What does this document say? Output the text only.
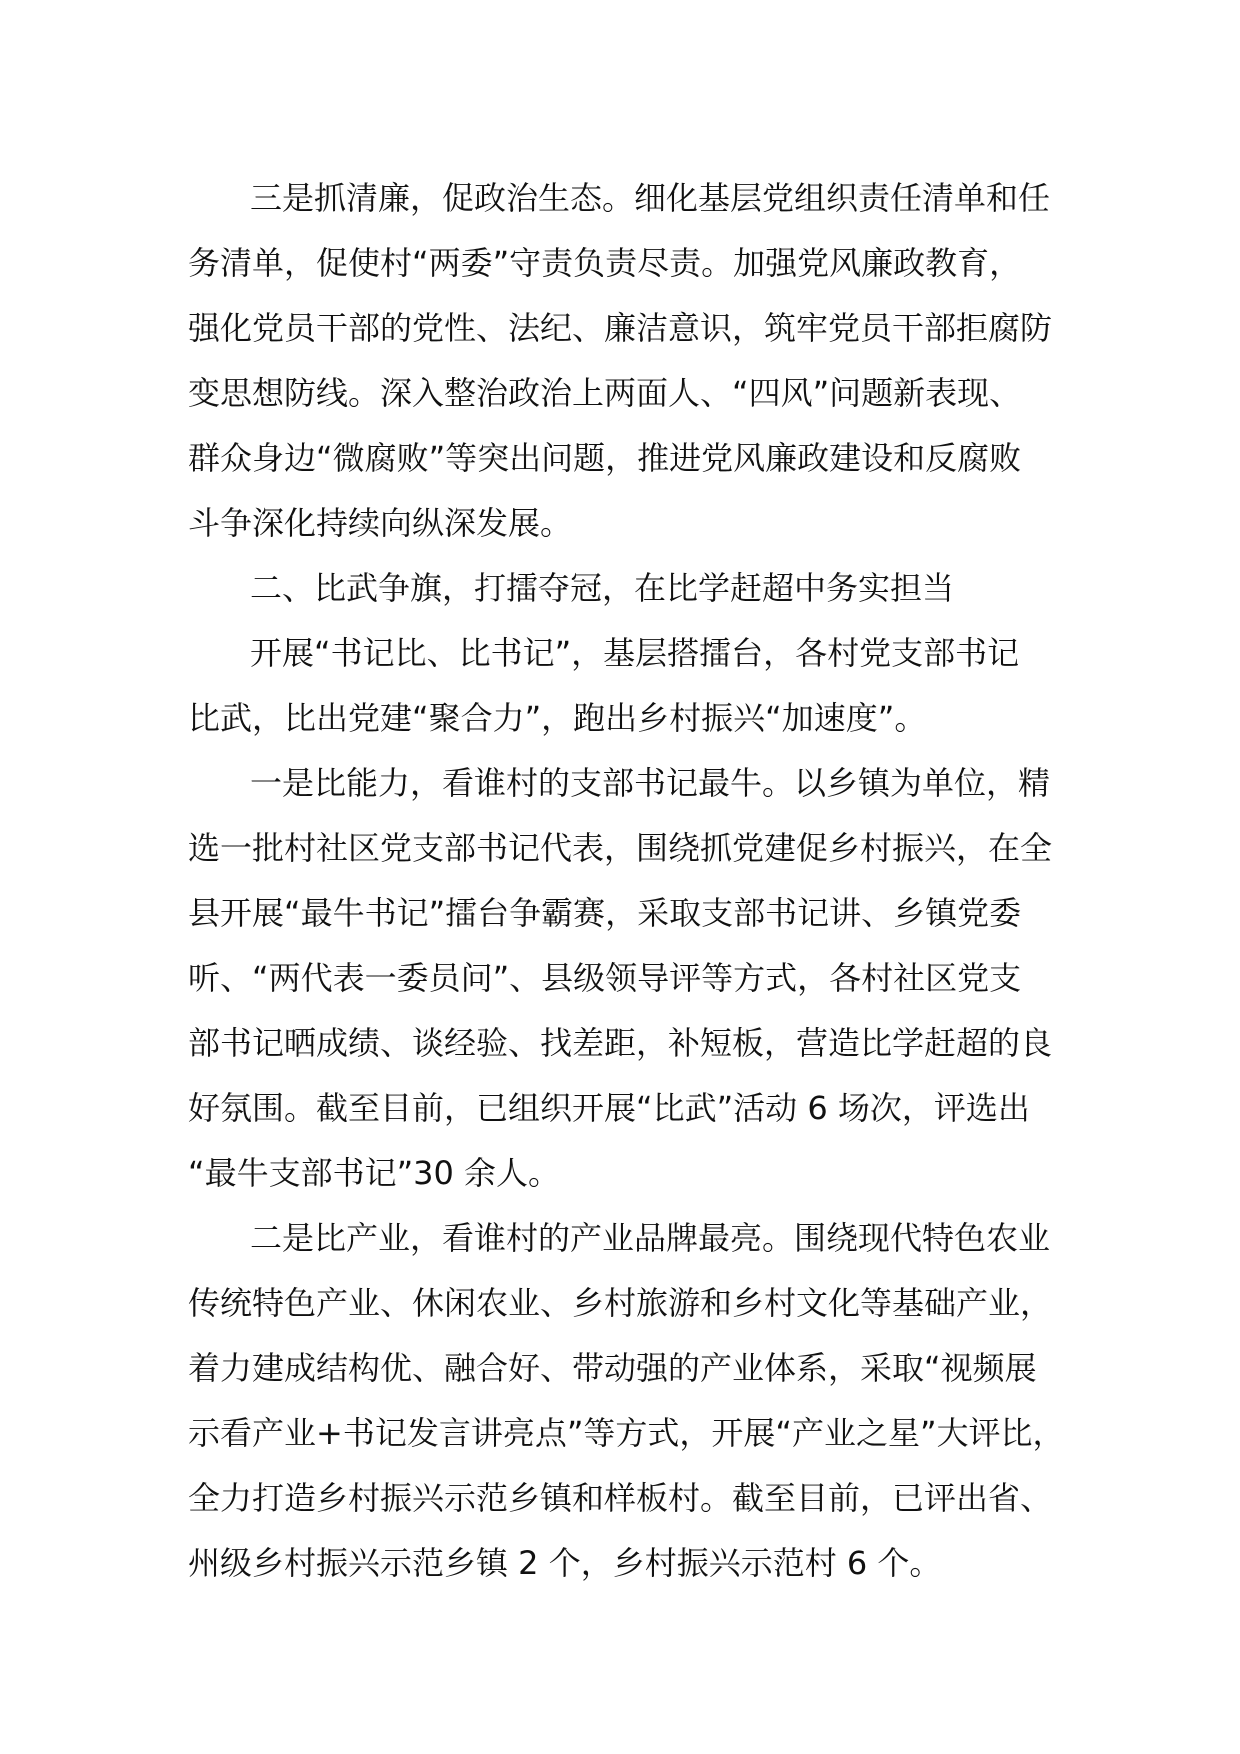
三是抓清廉，促政治生态。细化基层党组织责任清单和任
务清单，促使村“两委”守责负责尽责。加强党风廉政教育，
强化党员干部的党性、法纪、廉洁意识，筑牢党员干部拒腐防
变思想防线。深入整治政治上两面人、“四风”问题新表现、
群众身边“微腐败”等突出问题，推进党风廉政建设和反腐败
斗争深化持续向纵深发展。
二、比武争旗，打擂夺冠，在比学赶超中务实担当
开展“书记比、比书记”，基层搭擂台，各村党支部书记
比武，比出党建“聚合力”，跑出乡村振兴“加速度”。
一是比能力，看谁村的支部书记最牛。以乡镇为单位，精
选一批村社区党支部书记代表，围绕抓党建促乡村振兴，在全
县开展“最牛书记”擂台争霸赛，采取支部书记讲、乡镇党委
听、“两代表一委员问”、县级领导评等方式，各村社区党支
部书记晒成绩、谈经验、找差距，补短板，营造比学赶超的良
好氛围。截至目前，已组织开展“比武”活动 6 场次，评选出
“最牛支部书记”30 余人。
二是比产业，看谁村的产业品牌最亮。围绕现代特色农业
传统特色产业、休闲农业、乡村旅游和乡村文化等基础产业，
着力建成结构优、融合好、带动强的产业体系，采取“视频展
示看产业+书记发言讲亮点”等方式，开展“产业之星”大评比，
全力打造乡村振兴示范乡镇和样板村。截至目前，已评出省、
州级乡村振兴示范乡镇 2 个，乡村振兴示范村 6 个。
